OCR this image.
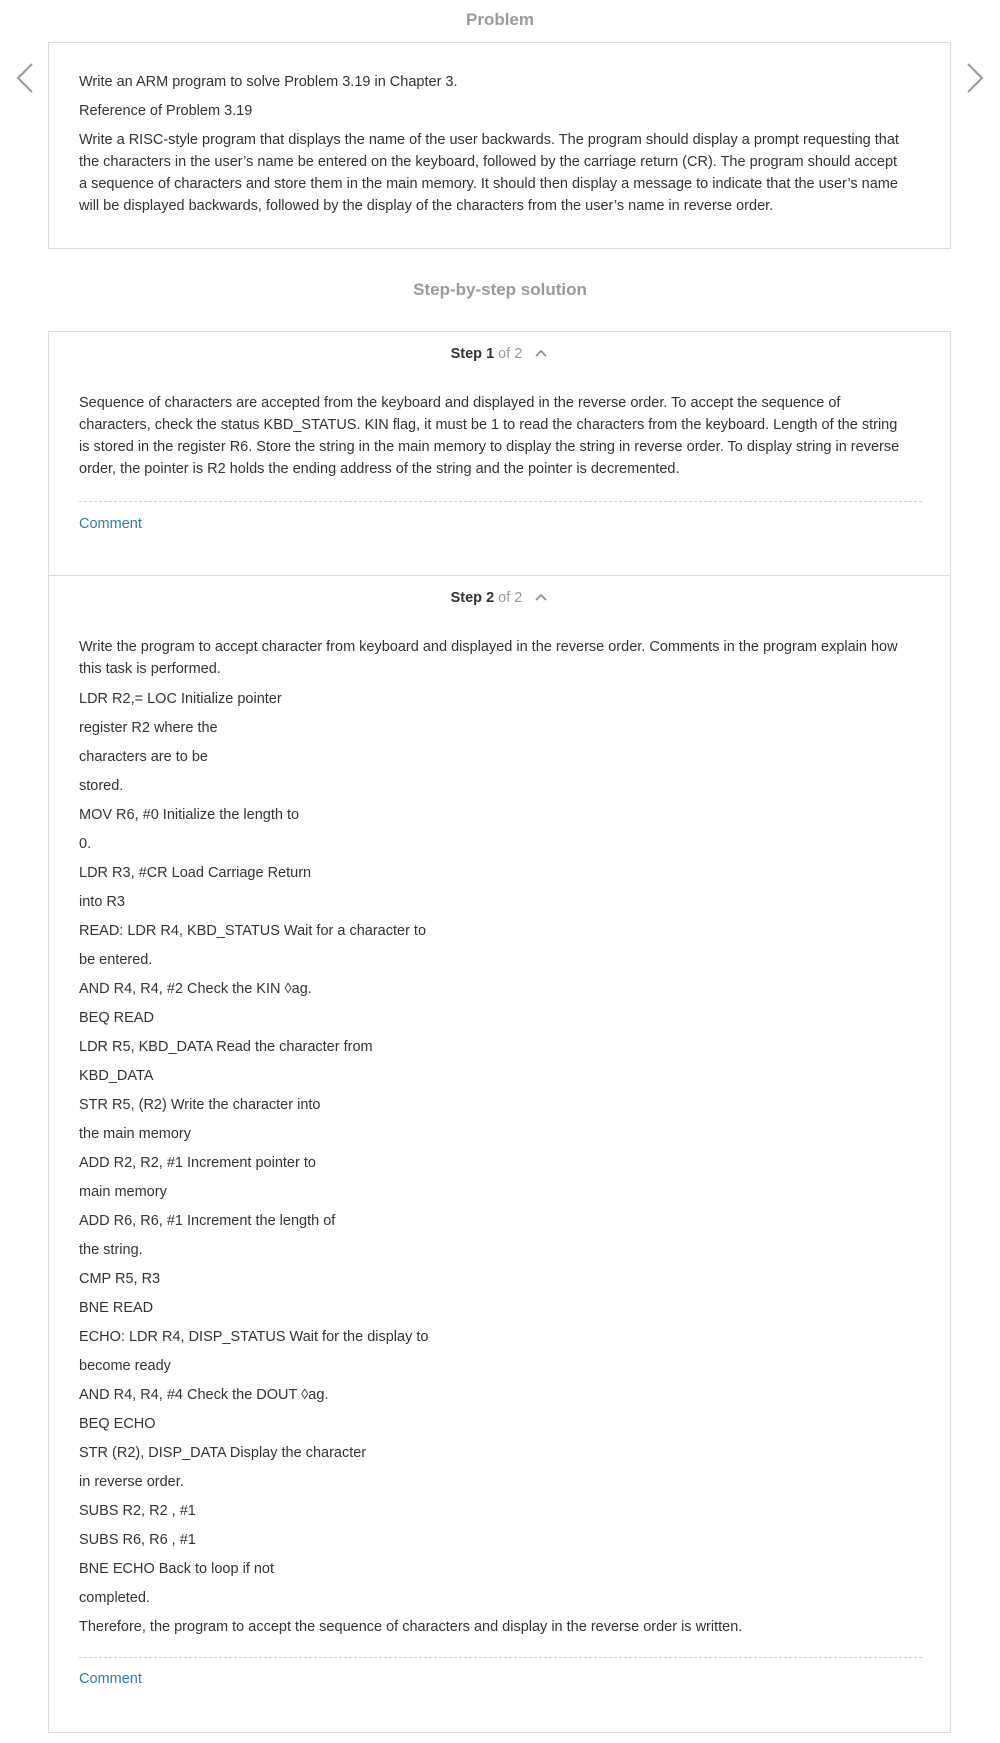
Problem

Write an ARM program to solve Problem 3.19 in Chapter 3.

Reference of Problem 3.19

Write a RISC-style program that displays the name of the user backwards. The program should display a prompt requesting that the characters in the user’s name be entered on the keyboard, followed by the carriage return (CR). The program should accept a sequence of characters and store them in the main memory. It should then display a message to indicate that the user’s name will be displayed backwards, followed by the display of the characters from the user’s name in reverse order.

Step-by-step solution
Step 1 of 2

Sequence of characters are accepted from the keyboard and displayed in the reverse order. To accept the sequence of characters, check the status KBD_STATUS. KIN flag, it must be 1 to read the characters from the keyboard. Length of the string is stored in the register R6. Store the string in the main memory to display the string in reverse order. To display string in reverse order, the pointer is R2 holds the ending address of the string and the pointer is decremented.

Comment
Step 2 of 2

Write the program to accept character from keyboard and displayed in the reverse order. Comments in the program explain how this task is performed.

LDR R2,= LOC Initialize pointer
register R2 where the
characters are to be
stored.
MOV R6, #0 Initialize the length to
0.
LDR R3, #CR Load Carriage Return
into R3
READ: LDR R4, KBD_STATUS Wait for a character to
be entered.
AND R4, R4, #2 Check the KIN ◊ag.
BEQ READ
LDR R5, KBD_DATA Read the character from
KBD_DATA
STR R5, (R2) Write the character into
the main memory
ADD R2, R2, #1 Increment pointer to
main memory
ADD R6, R6, #1 Increment the length of
the string.
CMP R5, R3
BNE READ
ECHO: LDR R4, DISP_STATUS Wait for the display to
become ready
AND R4, R4, #4 Check the DOUT ◊ag.
BEQ ECHO
STR (R2), DISP_DATA Display the character
in reverse order.
SUBS R2, R2 , #1
SUBS R6, R6 , #1
BNE ECHO Back to loop if not
completed.

Therefore, the program to accept the sequence of characters and display in the reverse order is written.

Comment
